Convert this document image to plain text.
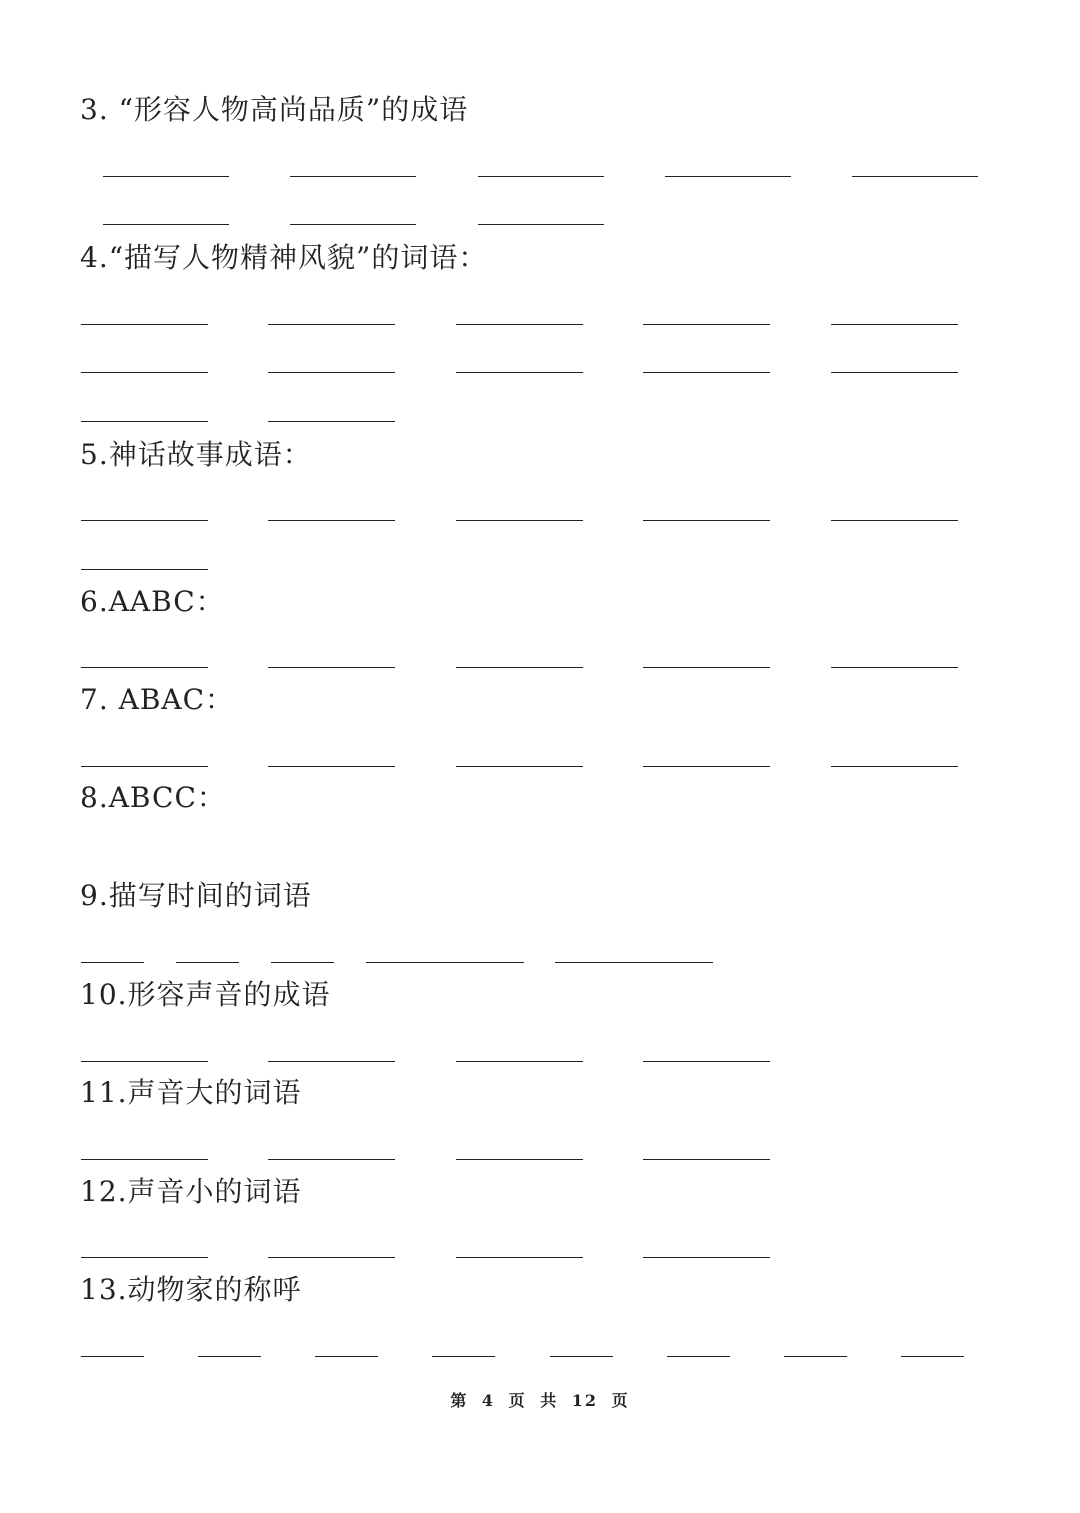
3. “形容人物高尚品质”的成语
4.“描写人物精神风貌”的词语：
5.神话故事成语：
6.AABC：
7. ABAC：
8.ABCC：
9.描写时间的词语
10.形容声音的成语
11.声音大的词语
12.声音小的词语
13.动物家的称呼
第 4 页 共 12 页
